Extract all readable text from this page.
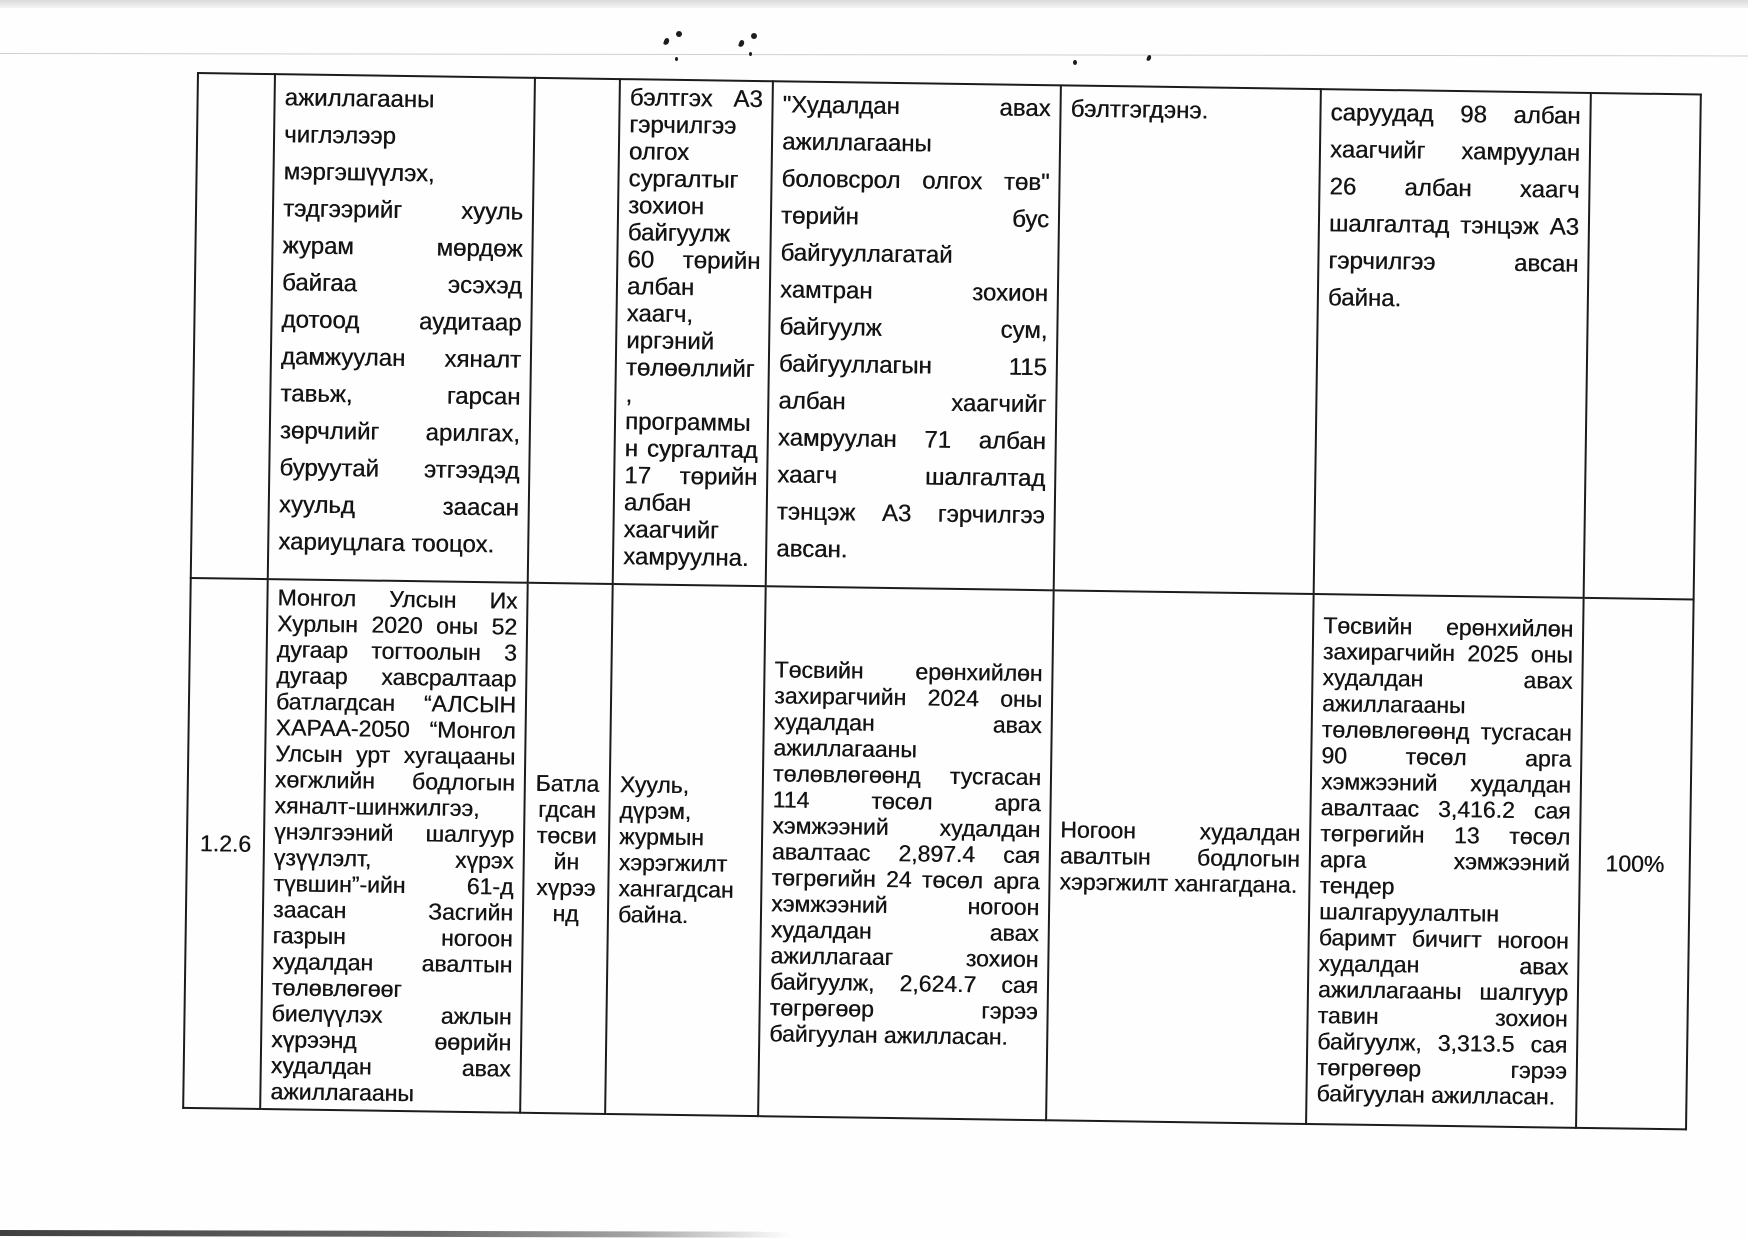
	ажиллагааны чиглэлээр мэргэшүүлэх, тэдгээрийг хууль журам мөрдөж байгаа эсэхэд дотоод аудитаар дамжуулан хяналт тавьж, гарсан зөрчлийг арилгах, буруутай этгээдэд хуульд заасан хариуцлага тооцох.		бэлтгэх А3 гэрчилгээ олгох сургалтыг зохион байгуулж 60 төрийн албан хаагч, иргэний төлөөллийг , программын сургалтад 17 төрийн албан хаагчийг хамруулна.	"Худалдан авах ажиллагааны боловсрол олгох төв" төрийн бус байгууллагатай хамтран зохион байгуулж сум, байгууллагын 115 албан хаагчийг хамруулан 71 албан хаагч шалгалтад тэнцэж А3 гэрчилгээ авсан.	бэлтгэгдэнэ.	саруудад 98 албан хаагчийг хамруулан 26 албан хаагч шалгалтад тэнцэж А3 гэрчилгээ авсан байна.	
1.2.6	Монгол Улсын Их Хурлын 2020 оны 52 дугаар тогтоолын 3 дугаар хавсралтаар батлагдсан “АЛСЫН ХАРАА-2050 “Монгол Улсын урт хугацааны хөгжлийн бодлогын хяналт-шинжилгээ, үнэлгээний шалгуур үзүүлэлт, хүрэх түвшин”-ийн 61-д заасан Засгийн газрын ногоон худалдан авалтын төлөвлөгөөг биелүүлэх ажлын хүрээнд өөрийн худалдан авах ажиллагааны	Батлагдсан төсвийн хүрээнд	Хууль, дүрэм, журмын хэрэгжилт хангагдсан байна.	Төсвийн ерөнхийлөн захирагчийн 2024 оны худалдан авах ажиллагааны төлөвлөгөөнд тусгасан 114 төсөл арга хэмжээний худалдан авалтаас 2,897.4 сая төгрөгийн 24 төсөл арга хэмжээний ногоон худалдан авах ажиллагааг зохион байгуулж, 2,624.7 сая төгрөгөөр гэрээ байгуулан ажилласан.	Ногоон худалдан авалтын бодлогын хэрэгжилт хангагдана.	Төсвийн ерөнхийлөн захирагчийн 2025 оны худалдан авах ажиллагааны төлөвлөгөөнд тусгасан 90 төсөл арга хэмжээний худалдан авалтаас 3,416.2 сая төгрөгийн 13 төсөл арга хэмжээний тендер шалгаруулалтын баримт бичигт ногоон худалдан авах ажиллагааны шалгуур тавин зохион байгуулж, 3,313.5 сая төгрөгөөр гэрээ байгуулан ажилласан.	100%
